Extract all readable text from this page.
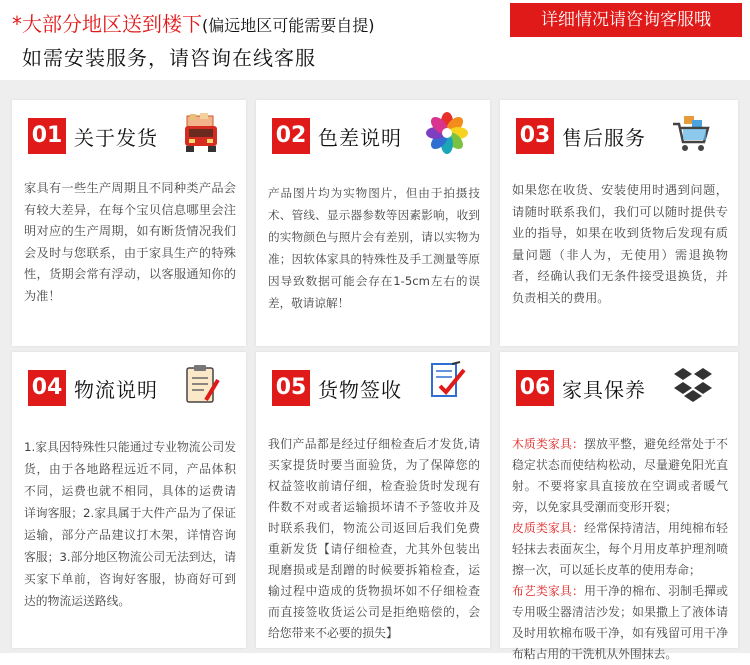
*大部分地区送到楼下(偏远地区可能需要自提)
如需安装服务，请咨询在线客服
详细情况请咨询客服哦
01 关于发货
家具有一些生产周期且不同种类产品会有较大差异，在每个宝贝信息哪里会注明对应的生产周期，如有断货情况我们会及时与您联系，由于家具生产的特殊性，货期会常有浮动，以客服通知你的为准！
02 色差说明
产品图片均为实物图片，但由于拍摄技术、管线、显示器参数等因素影响，收到的实物颜色与照片会有差别，请以实物为准；因软体家具的特殊性及手工测量等原因导致数据可能会存在1-5cm左右的误差，敬请谅解！
03 售后服务
如果您在收货、安装使用时遇到问题，请随时联系我们，我们可以随时提供专业的指导，如果在收到货物后发现有质量问题（非人为，无使用）需退换物者，经确认我们无条件接受退换货，并负责相关的费用。
04 物流说明
1.家具因特殊性只能通过专业物流公司发货，由于各地路程远近不同，产品体积不同，运费也就不相同，具体的运费请详询客服；2.家具属于大件产品为了保证运输，部分产品建议打木架，详情咨询客服；3.部分地区物流公司无法到达，请买家下单前，咨询好客服，协商好可到达的物流运送路线。
05 货物签收
我们产品都是经过仔细检查后才发货,请买家提货时要当面验货，为了保障您的权益签收前请仔细，检查验货时发现有件数不对或者运输损坏请不予签收并及时联系我们，物流公司返回后我们免费重新发货【请仔细检查，尤其外包装出现磨损或是刮蹭的时候要拆箱检查，运输过程中造成的货物损坏如不仔细检查而直接签收货运公司是拒绝赔偿的，会给您带来不必要的损失】
06 家具保养
木质类家具：摆放平整，避免经常处于不稳定状态而使结构松动，尽量避免阳光直射。不要将家具直接放在空调或者暖气旁，以免家具受潮而变形开裂；
皮质类家具：经常保持清洁，用纯棉布轻轻抹去表面灰尘，每个月用皮革护理剂喷擦一次，可以延长皮革的使用寿命；
布艺类家具：用干净的棉布、羽制毛撣或专用吸尘器清洁沙发；如果撒上了液体请及时用软棉布吸干净，如有残留可用干净布粘占用的干洗机从外围抹去。
